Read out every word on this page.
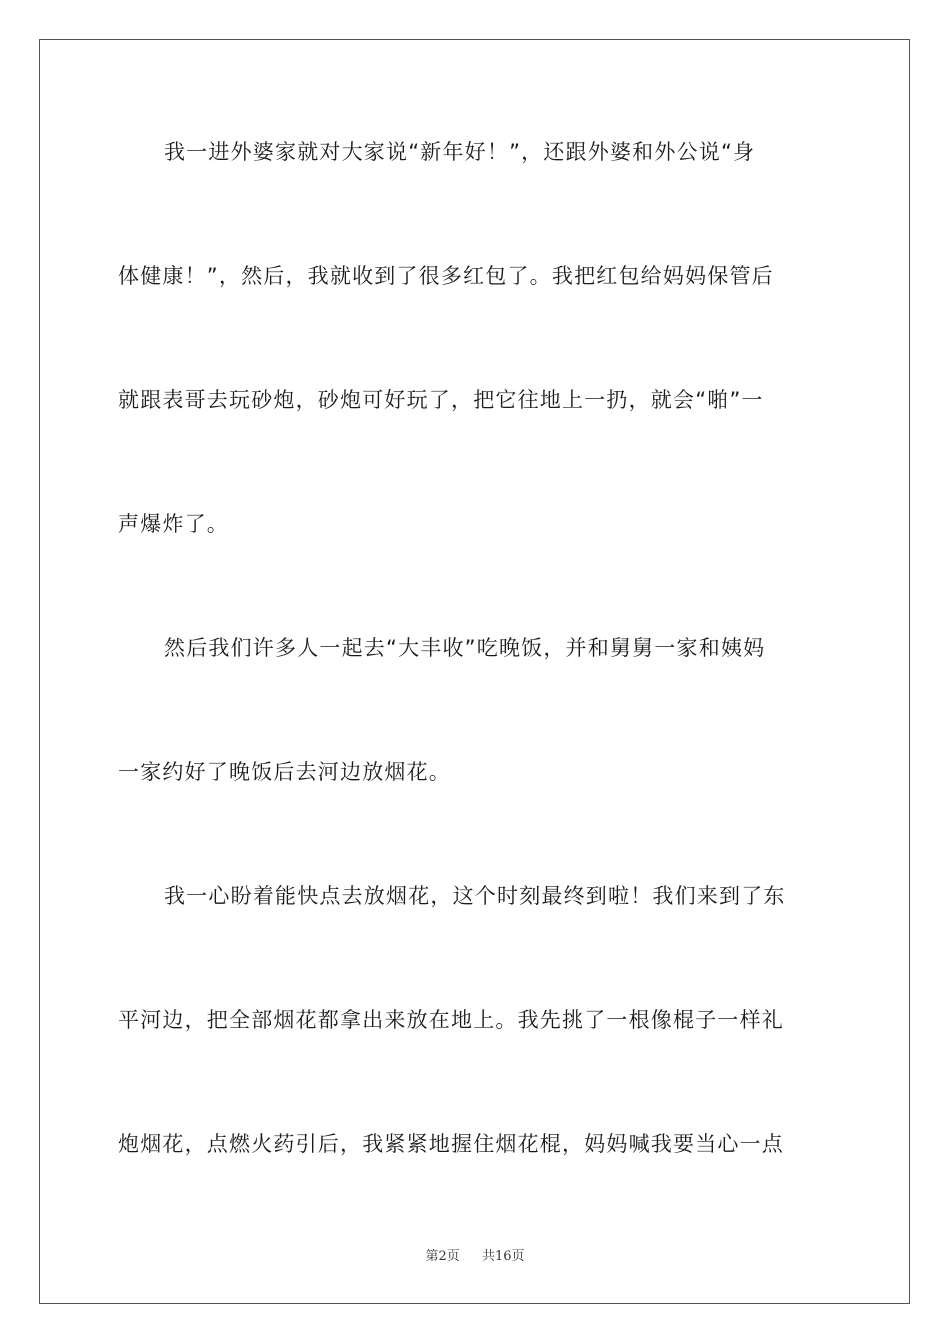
我一进外婆家就对大家说“新年好！”，还跟外婆和外公说“身
体健康！”，然后，我就收到了很多红包了。我把红包给妈妈保管后
就跟表哥去玩砂炮，砂炮可好玩了，把它往地上一扔，就会“啪”一
声爆炸了。
然后我们许多人一起去“大丰收”吃晚饭，并和舅舅一家和姨妈
一家约好了晚饭后去河边放烟花。
我一心盼着能快点去放烟花，这个时刻最终到啦！我们来到了东
平河边，把全部烟花都拿出来放在地上。我先挑了一根像棍子一样礼
炮烟花，点燃火药引后，我紧紧地握住烟花棍，妈妈喊我要当心一点
第2页 共16页
